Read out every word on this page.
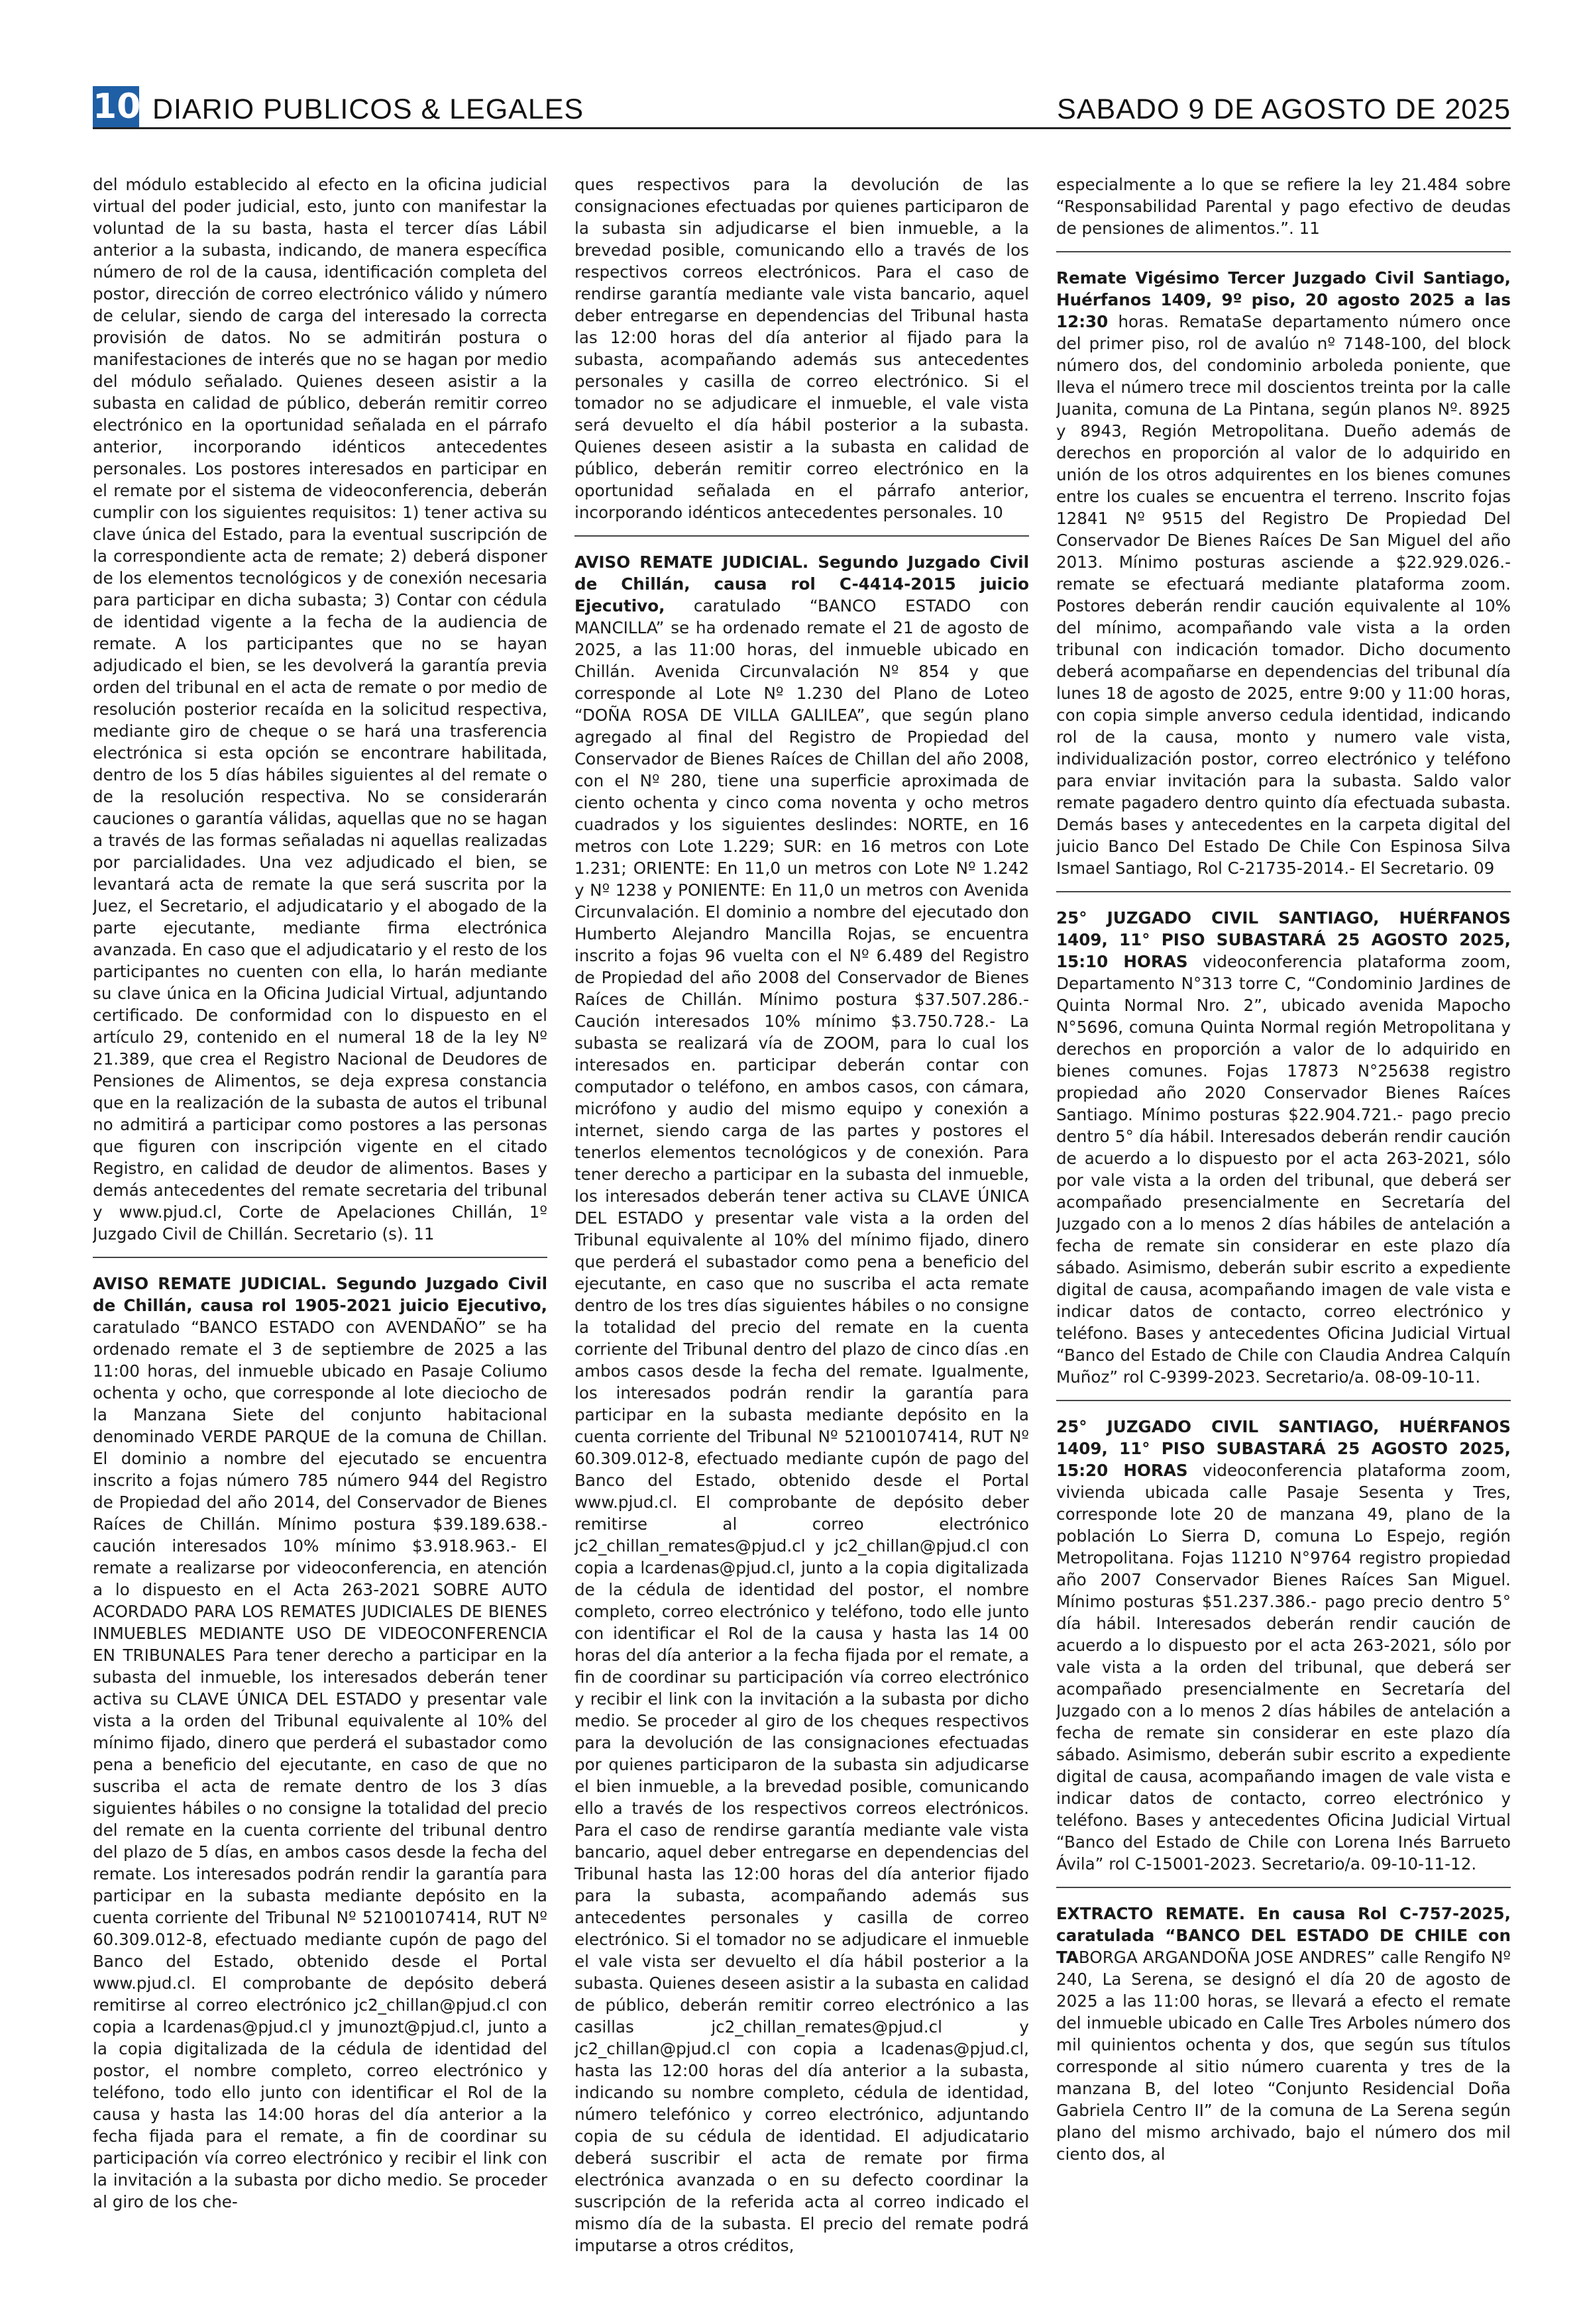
10 DIARIO PUBLICOS & LEGALES	SABADO 9 DE AGOSTO DE 2025

del módulo establecido al efecto en la oficina judicial virtual del poder judicial, esto, junto con manifestar la voluntad de la su basta, hasta el tercer días Lábil anterior a la subasta, indicando, de manera específica número de rol de la causa, identificación completa del postor, dirección de correo electrónico válido y número de celular, siendo de carga del interesado la correcta provisión de datos. No se admitirán postura o manifestaciones de interés que no se hagan por medio del módulo señalado. Quienes deseen asistir a la subasta en calidad de público, deberán remitir correo electrónico en la oportunidad señalada en el párrafo anterior, incorporando idénticos antecedentes personales. Los postores interesados en participar en el remate por el sistema de videoconferencia, deberán cumplir con los siguientes requisitos: 1) tener activa su clave única del Estado, para la eventual suscripción de la correspondiente acta de remate; 2) deberá disponer de los elementos tecnológicos y de conexión necesaria para participar en dicha subasta; 3) Contar con cédula de identidad vigente a la fecha de la audiencia de remate. A los participantes que no se hayan adjudicado el bien, se les devolverá la garantía previa orden del tribunal en el acta de remate o por medio de resolución posterior recaída en la solicitud respectiva, mediante giro de cheque o se hará una trasferencia electrónica si esta opción se encontrare habilitada, dentro de los 5 días hábiles siguientes al del remate o de la resolución respectiva. No se considerarán cauciones o garantía válidas, aquellas que no se hagan a través de las formas señaladas ni aquellas realizadas por parcialidades. Una vez adjudicado el bien, se levantará acta de remate la que será suscrita por la Juez, el Secretario, el adjudicatario y el abogado de la parte ejecutante, mediante firma electrónica avanzada. En caso que el adjudicatario y el resto de los participantes no cuenten con ella, lo harán mediante su clave única en la Oficina Judicial Virtual, adjuntando certificado. De conformidad con lo dispuesto en el artículo 29, contenido en el numeral 18 de la ley Nº 21.389, que crea el Registro Nacional de Deudores de Pensiones de Alimentos, se deja expresa constancia que en la realización de la subasta de autos el tribunal no admitirá a participar como postores a las personas que figuren con inscripción vigente en el citado Registro, en calidad de deudor de alimentos. Bases y demás antecedentes del remate secretaria del tribunal y www.pjud.cl, Corte de Apelaciones Chillán, 1º Juzgado Civil de Chillán. Secretario (s). 11

AVISO REMATE JUDICIAL. Segundo Juzgado Civil de Chillán, causa rol 1905-2021 juicio Ejecutivo, caratulado “BANCO ESTADO con AVENDAÑO” se ha ordenado remate el 3 de septiembre de 2025 a las 11:00 horas, del inmueble ubicado en Pasaje Coliumo ochenta y ocho, que corresponde al lote dieciocho de la Manzana Siete del conjunto habitacional denominado VERDE PARQUE de la comuna de Chillan. El dominio a nombre del ejecutado se encuentra inscrito a fojas número 785 número 944 del Registro de Propiedad del año 2014, del Conservador de Bienes Raíces de Chillán. Mínimo postura $39.189.638.- caución interesados 10% mínimo $3.918.963.- El remate a realizarse por videoconferencia, en atención a lo dispuesto en el Acta 263-2021 SOBRE AUTO ACORDADO PARA LOS REMATES JUDICIALES DE BIENES INMUEBLES MEDIANTE USO DE VIDEOCONFERENCIA EN TRIBUNALES Para tener derecho a participar en la subasta del inmueble, los interesados deberán tener activa su CLAVE ÚNICA DEL ESTADO y presentar vale vista a la orden del Tribunal equivalente al 10% del mínimo fijado, dinero que perderá el subastador como pena a beneficio del ejecutante, en caso de que no suscriba el acta de remate dentro de los 3 días siguientes hábiles o no consigne la totalidad del precio del remate en la cuenta corriente del tribunal dentro del plazo de 5 días, en ambos casos desde la fecha del remate. Los interesados podrán rendir la garantía para participar en la subasta mediante depósito en la cuenta corriente del Tribunal Nº 52100107414, RUT Nº 60.309.012-8, efectuado mediante cupón de pago del Banco del Estado, obtenido desde el Portal www.pjud.cl. El comprobante de depósito deberá remitirse al correo electrónico jc2_chillan@pjud.cl con copia a lcardenas@pjud.cl y jmunozt@pjud.cl, junto a la copia digitalizada de la cédula de identidad del postor, el nombre completo, correo electrónico y teléfono, todo ello junto con identificar el Rol de la causa y hasta las 14:00 horas del día anterior a la fecha fijada para el remate, a fin de coordinar su participación vía correo electrónico y recibir el link con la invitación a la subasta por dicho medio. Se proceder al giro de los che-

ques respectivos para la devolución de las consignaciones efectuadas por quienes participaron de la subasta sin adjudicarse el bien inmueble, a la brevedad posible, comunicando ello a través de los respectivos correos electrónicos. Para el caso de rendirse garantía mediante vale vista bancario, aquel deber entregarse en dependencias del Tribunal hasta las 12:00 horas del día anterior al fijado para la subasta, acompañando además sus antecedentes personales y casilla de correo electrónico. Si el tomador no se adjudicare el inmueble, el vale vista será devuelto el día hábil posterior a la subasta. Quienes deseen asistir a la subasta en calidad de público, deberán remitir correo electrónico en la oportunidad señalada en el párrafo anterior, incorporando idénticos antecedentes personales. 10

AVISO REMATE JUDICIAL. Segundo Juzgado Civil de Chillán, causa rol C-4414-2015 juicio Ejecutivo, caratulado “BANCO ESTADO con MANCILLA” se ha ordenado remate el 21 de agosto de 2025, a las 11:00 horas, del inmueble ubicado en Chillán. Avenida Circunvalación Nº 854 y que corresponde al Lote Nº 1.230 del Plano de Loteo “DOÑA ROSA DE VILLA GALILEA”, que según plano agregado al final del Registro de Propiedad del Conservador de Bienes Raíces de Chillan del año 2008, con el Nº 280, tiene una superficie aproximada de ciento ochenta y cinco coma noventa y ocho metros cuadrados y los siguientes deslindes: NORTE, en 16 metros con Lote 1.229; SUR: en 16 metros con Lote 1.231; ORIENTE: En 11,0 un metros con Lote Nº 1.242 y Nº 1238 y PONIENTE: En 11,0 un metros con Avenida Circunvalación. El dominio a nombre del ejecutado don Humberto Alejandro Mancilla Rojas, se encuentra inscrito a fojas 96 vuelta con el Nº 6.489 del Registro de Propiedad del año 2008 del Conservador de Bienes Raíces de Chillán. Mínimo postura $37.507.286.- Caución interesados 10% mínimo $3.750.728.- La subasta se realizará vía de ZOOM, para lo cual los interesados en. participar deberán contar con computador o teléfono, en ambos casos, con cámara, micrófono y audio del mismo equipo y conexión a internet, siendo carga de las partes y postores el tenerlos elementos tecnológicos y de conexión. Para tener derecho a participar en la subasta del inmueble, los interesados deberán tener activa su CLAVE ÚNICA DEL ESTADO y presentar vale vista a la orden del Tribunal equivalente al 10% del mínimo fijado, dinero que perderá el subastador como pena a beneficio del ejecutante, en caso que no suscriba el acta remate dentro de los tres días siguientes hábiles o no consigne la totalidad del precio del remate en la cuenta corriente del Tribunal dentro del plazo de cinco días .en ambos casos desde la fecha del remate. Igualmente, los interesados podrán rendir la garantía para participar en la subasta mediante depósito en la cuenta corriente del Tribunal Nº 52100107414, RUT Nº 60.309.012-8, efectuado mediante cupón de pago del Banco del Estado, obtenido desde el Portal www.pjud.cl. El comprobante de depósito deber remitirse al correo electrónico jc2_chillan_remates@pjud.cl y jc2_chillan@pjud.cl con copia a lcardenas@pjud.cl, junto a la copia digitalizada de la cédula de identidad del postor, el nombre completo, correo electrónico y teléfono, todo elle junto con identificar el Rol de la causa y hasta las 14 00 horas del día anterior a la fecha fijada por el remate, a fin de coordinar su participación vía correo electrónico y recibir el link con la invitación a la subasta por dicho medio. Se proceder al giro de los cheques respectivos para la devolución de las consignaciones efectuadas por quienes participaron de la subasta sin adjudicarse el bien inmueble, a la brevedad posible, comunicando ello a través de los respectivos correos electrónicos. Para el caso de rendirse garantía mediante vale vista bancario, aquel deber entregarse en dependencias del Tribunal hasta las 12:00 horas del día anterior fijado para la subasta, acompañando además sus antecedentes personales y casilla de correo electrónico. Si el tomador no se adjudicare el inmueble el vale vista ser devuelto el día hábil posterior a la subasta. Quienes deseen asistir a la subasta en calidad de público, deberán remitir correo electrónico a las casillas jc2_chillan_remates@pjud.cl y jc2_chillan@pjud.cl con copia a lcadenas@pjud.cl, hasta las 12:00 horas del día anterior a la subasta, indicando su nombre completo, cédula de identidad, número telefónico y correo electrónico, adjuntando copia de su cédula de identidad. El adjudicatario deberá suscribir el acta de remate por firma electrónica avanzada o en su defecto coordinar la suscripción de la referida acta al correo indicado el mismo día de la subasta. El precio del remate podrá imputarse a otros créditos,

especialmente a lo que se refiere la ley 21.484 sobre “Responsabilidad Parental y pago efectivo de deudas de pensiones de alimentos.”. 11

Remate Vigésimo Tercer Juzgado Civil Santiago, Huérfanos 1409, 9º piso, 20 agosto 2025 a las 12:30 horas. RemataSe departamento número once del primer piso, rol de avalúo nº 7148-100, del block número dos, del condominio arboleda poniente, que lleva el número trece mil doscientos treinta por la calle Juanita, comuna de La Pintana, según planos Nº. 8925 y 8943, Región Metropolitana. Dueño además de derechos en proporción al valor de lo adquirido en unión de los otros adquirentes en los bienes comunes entre los cuales se encuentra el terreno. Inscrito fojas 12841 Nº 9515 del Registro De Propiedad Del Conservador De Bienes Raíces De San Miguel del año 2013. Mínimo posturas asciende a $22.929.026.- remate se efectuará mediante plataforma zoom. Postores deberán rendir caución equivalente al 10% del mínimo, acompañando vale vista a la orden tribunal con indicación tomador. Dicho documento deberá acompañarse en dependencias del tribunal día lunes 18 de agosto de 2025, entre 9:00 y 11:00 horas, con copia simple anverso cedula identidad, indicando rol de la causa, monto y numero vale vista, individualización postor, correo electrónico y teléfono para enviar invitación para la subasta. Saldo valor remate pagadero dentro quinto día efectuada subasta. Demás bases y antecedentes en la carpeta digital del juicio Banco Del Estado De Chile Con Espinosa Silva Ismael Santiago, Rol C-21735-2014.- El Secretario. 09

25° JUZGADO CIVIL SANTIAGO, HUÉRFANOS 1409, 11° PISO SUBASTARÁ 25 AGOSTO 2025, 15:10 HORAS videoconferencia plataforma zoom, Departamento N°313 torre C, “Condominio Jardines de Quinta Normal Nro. 2”, ubicado avenida Mapocho N°5696, comuna Quinta Normal región Metropolitana y derechos en proporción a valor de lo adquirido en bienes comunes. Fojas 17873 N°25638 registro propiedad año 2020 Conservador Bienes Raíces Santiago. Mínimo posturas $22.904.721.- pago precio dentro 5° día hábil. Interesados deberán rendir caución de acuerdo a lo dispuesto por el acta 263-2021, sólo por vale vista a la orden del tribunal, que deberá ser acompañado presencialmente en Secretaría del Juzgado con a lo menos 2 días hábiles de antelación a fecha de remate sin considerar en este plazo día sábado. Asimismo, deberán subir escrito a expediente digital de causa, acompañando imagen de vale vista e indicar datos de contacto, correo electrónico y teléfono. Bases y antecedentes Oficina Judicial Virtual “Banco del Estado de Chile con Claudia Andrea Calquín Muñoz” rol C-9399-2023. Secretario/a. 08-09-10-11.

25° JUZGADO CIVIL SANTIAGO, HUÉRFANOS 1409, 11° PISO SUBASTARÁ 25 AGOSTO 2025, 15:20 HORAS videoconferencia plataforma zoom, vivienda ubicada calle Pasaje Sesenta y Tres, corresponde lote 20 de manzana 49, plano de la población Lo Sierra D, comuna Lo Espejo, región Metropolitana. Fojas 11210 N°9764 registro propiedad año 2007 Conservador Bienes Raíces San Miguel. Mínimo posturas $51.237.386.- pago precio dentro 5° día hábil. Interesados deberán rendir caución de acuerdo a lo dispuesto por el acta 263-2021, sólo por vale vista a la orden del tribunal, que deberá ser acompañado presencialmente en Secretaría del Juzgado con a lo menos 2 días hábiles de antelación a fecha de remate sin considerar en este plazo día sábado. Asimismo, deberán subir escrito a expediente digital de causa, acompañando imagen de vale vista e indicar datos de contacto, correo electrónico y teléfono. Bases y antecedentes Oficina Judicial Virtual “Banco del Estado de Chile con Lorena Inés Barrueto Ávila” rol C-15001-2023. Secretario/a. 09-10-11-12.

EXTRACTO REMATE. En causa Rol C-757-2025, caratulada “BANCO DEL ESTADO DE CHILE con TABORGA ARGANDOÑA JOSE ANDRES” calle Rengifo Nº 240, La Serena, se designó el día 20 de agosto de 2025 a las 11:00 horas, se llevará a efecto el remate del inmueble ubicado en Calle Tres Arboles número dos mil quinientos ochenta y dos, que según sus títulos corresponde al sitio número cuarenta y tres de la manzana B, del loteo “Conjunto Residencial Doña Gabriela Centro II” de la comuna de La Serena según plano del mismo archivado, bajo el número dos mil ciento dos, al
